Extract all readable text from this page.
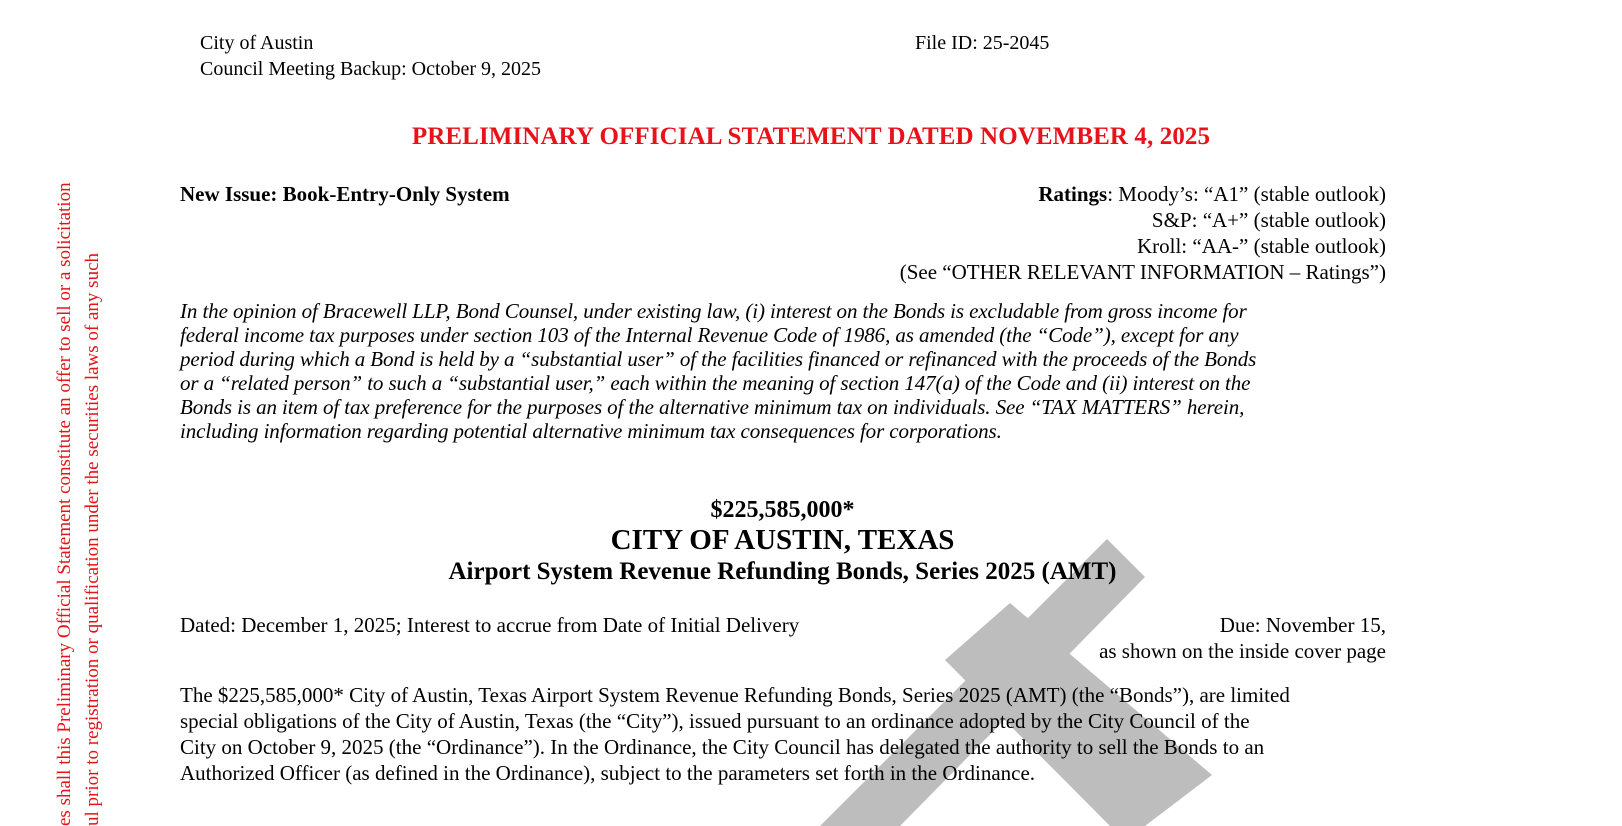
es shall this Preliminary Official Statement constitute an offer to sell or a solicitation ul prior to registration or qualification under the securities laws of any such
City of Austin
Council Meeting Backup: October 9, 2025
File ID: 25-2045
PRELIMINARY OFFICIAL STATEMENT DATED NOVEMBER 4, 2025
New Issue: Book-Entry-Only System	Ratings: Moody’s: “A1” (stable outlook)
S&P: “A+” (stable outlook)
Kroll: “AA-” (stable outlook)
(See “OTHER RELEVANT INFORMATION – Ratings”)
In the opinion of Bracewell LLP, Bond Counsel, under existing law, (i) interest on the Bonds is excludable from gross income for
federal income tax purposes under section 103 of the Internal Revenue Code of 1986, as amended (the “Code”), except for any
period during which a Bond is held by a “substantial user” of the facilities financed or refinanced with the proceeds of the Bonds
or a “related person” to such a “substantial user,” each within the meaning of section 147(a) of the Code and (ii) interest on the
Bonds is an item of tax preference for the purposes of the alternative minimum tax on individuals. See “TAX MATTERS” herein,
including information regarding potential alternative minimum tax consequences for corporations.
$225,585,000*
CITY OF AUSTIN, TEXAS
Airport System Revenue Refunding Bonds, Series 2025 (AMT)
Dated: December 1, 2025; Interest to accrue from Date of Initial Delivery	Due: November 15,
as shown on the inside cover page
The $225,585,000* City of Austin, Texas Airport System Revenue Refunding Bonds, Series 2025 (AMT) (the “Bonds”), are limited
special obligations of the City of Austin, Texas (the “City”), issued pursuant to an ordinance adopted by the City Council of the
City on October 9, 2025 (the “Ordinance”). In the Ordinance, the City Council has delegated the authority to sell the Bonds to an
Authorized Officer (as defined in the Ordinance), subject to the parameters set forth in the Ordinance.
